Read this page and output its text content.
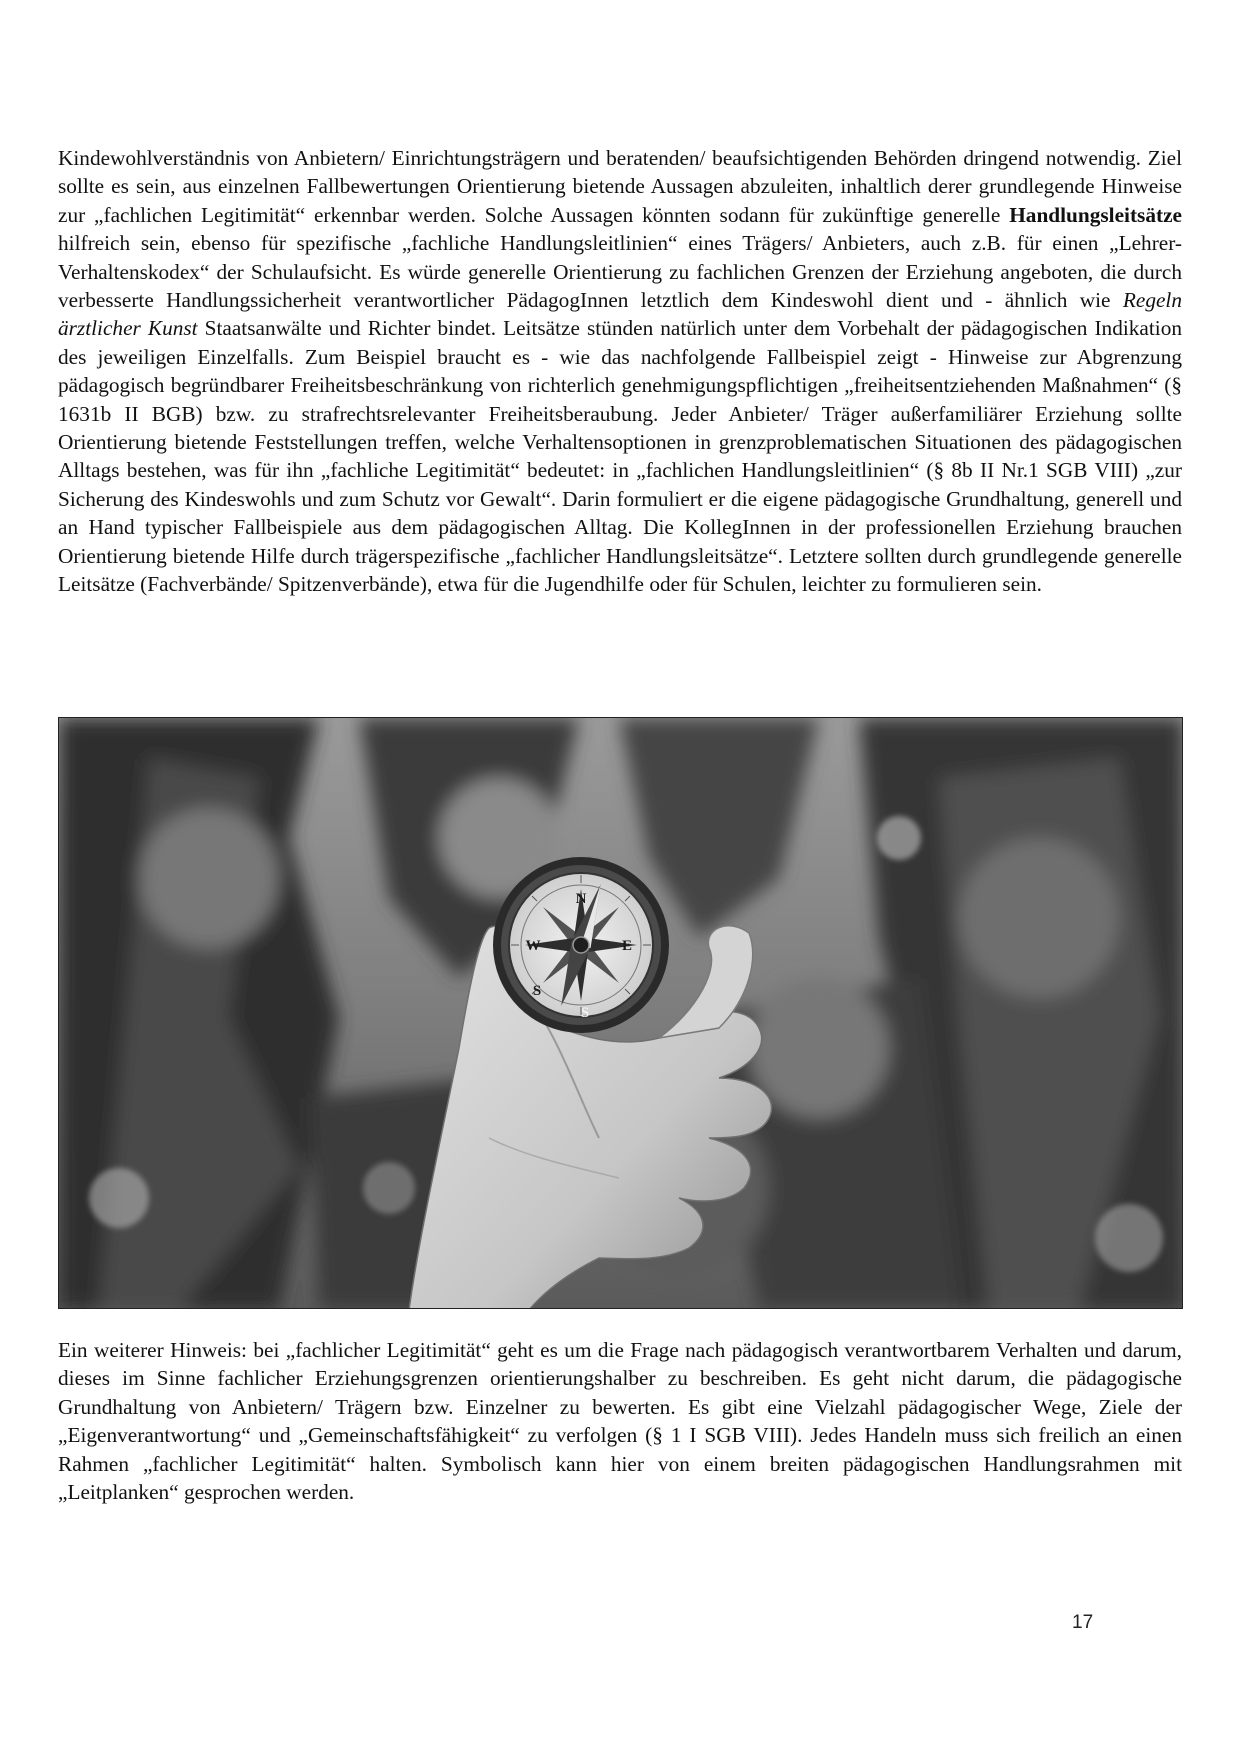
Kindewohlverständnis von Anbietern/ Einrichtungsträgern und beratenden/ beaufsichtigenden Behörden dringend notwendig. Ziel sollte es sein, aus einzelnen Fallbewertungen Orientierung bietende Aussagen abzuleiten, inhaltlich derer grundlegende Hinweise zur „fachlichen Legitimität“ erkennbar werden. Solche Aussagen könnten sodann für zukünftige generelle Handlungsleitsätze hilfreich sein, ebenso für spezifische „fachliche Handlungsleitlinien“ eines Trägers/ Anbieters, auch z.B. für einen „Lehrer- Verhaltenskodex“ der Schulaufsicht. Es würde generelle Orientierung zu fachlichen Grenzen der Erziehung angeboten, die durch verbesserte Handlungssicherheit verantwortlicher PädagogInnen letztlich dem Kindeswohl dient und - ähnlich wie Regeln ärztlicher Kunst Staatsanwälte und Richter bindet. Leitsätze stünden natürlich unter dem Vorbehalt der pädagogischen Indikation des jeweiligen Einzelfalls. Zum Beispiel braucht es - wie das nachfolgende Fallbeispiel zeigt - Hinweise zur Abgrenzung pädagogisch begründbarer Freiheitsbeschränkung von richterlich genehmigungspflichtigen „freiheitsentziehenden Maßnahmen“ (§ 1631b II BGB) bzw. zu strafrechtsrelevanter Freiheitsberaubung. Jeder Anbieter/ Träger außerfamiliärer Erziehung sollte Orientierung bietende Feststellungen treffen, welche Verhaltensoptionen in grenzproblematischen Situationen des pädagogischen Alltags bestehen, was für ihn „fachliche Legitimität“ bedeutet: in „fachlichen Handlungsleitlinien“ (§ 8b II Nr.1 SGB VIII) „zur Sicherung des Kindeswohls und zum Schutz vor Gewalt“. Darin formuliert er die eigene pädagogische Grundhaltung, generell und an Hand typischer Fallbeispiele aus dem pädagogischen Alltag. Die KollegInnen in der professionellen Erziehung brauchen Orientierung bietende Hilfe durch trägerspezifische „fachlicher Handlungsleitsätze“. Letztere sollten durch grundlegende generelle Leitsätze (Fachverbände/ Spitzenverbände), etwa für die Jugendhilfe oder für Schulen, leichter zu formulieren sein.

N
E
S
W
S

Ein weiterer Hinweis: bei „fachlicher Legitimität“ geht es um die Frage nach pädagogisch verantwortbarem Verhalten und darum, dieses im Sinne fachlicher Erziehungsgrenzen orientierungshalber zu beschreiben. Es geht nicht darum, die pädagogische Grundhaltung von Anbietern/ Trägern bzw. Einzelner zu bewerten. Es gibt eine Vielzahl pädagogischer Wege, Ziele der „Eigenverantwortung“ und „Gemeinschaftsfähigkeit“ zu verfolgen (§ 1 I SGB VIII). Jedes Handeln muss sich freilich an einen Rahmen „fachlicher Legitimität“ halten. Symbolisch kann hier von einem breiten pädagogischen Handlungsrahmen mit „Leitplanken“ gesprochen werden.

17
